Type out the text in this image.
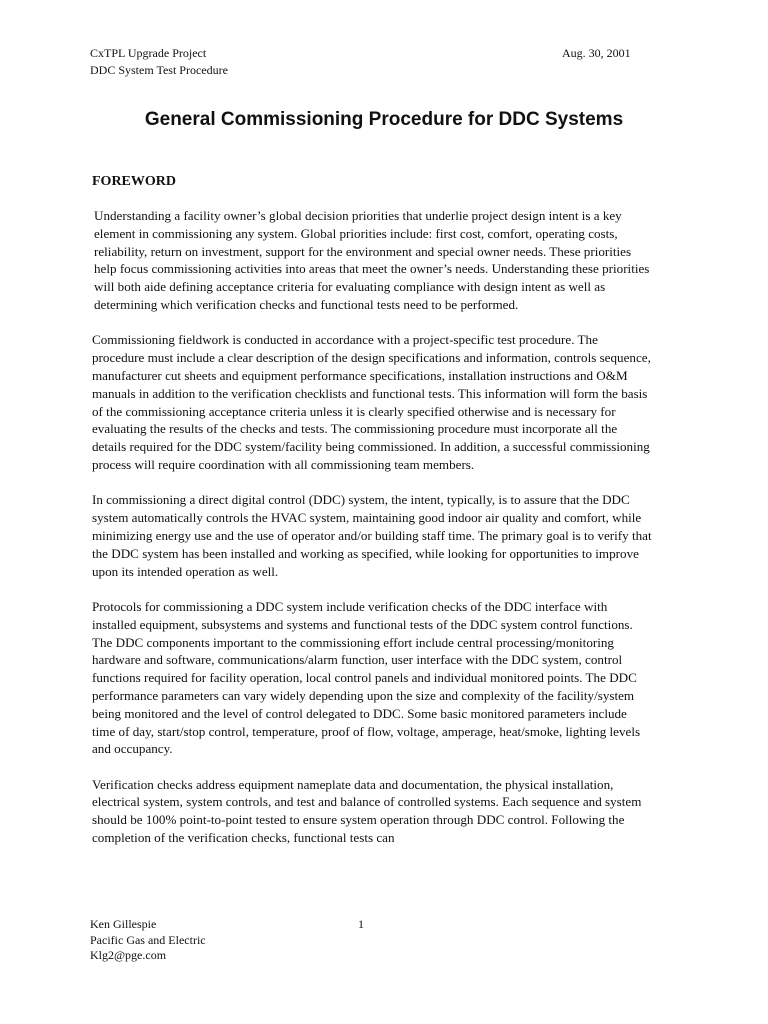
CxTPL Upgrade Project
DDC System Test Procedure
Aug. 30, 2001
General Commissioning Procedure for DDC Systems
FOREWORD

Understanding a facility owner’s global decision priorities that underlie project design intent is a key element in commissioning any system. Global priorities include: first cost, comfort, operating costs, reliability, return on investment, support for the environment and special owner needs. These priorities help focus commissioning activities into areas that meet the owner’s needs. Understanding these priorities will both aide defining acceptance criteria for evaluating compliance with design intent as well as determining which verification checks and functional tests need to be performed.

Commissioning fieldwork is conducted in accordance with a project-specific test procedure. The procedure must include a clear description of the design specifications and information, controls sequence, manufacturer cut sheets and equipment performance specifications, installation instructions and O&M manuals in addition to the verification checklists and functional tests. This information will form the basis of the commissioning acceptance criteria unless it is clearly specified otherwise and is necessary for evaluating the results of the checks and tests. The commissioning procedure must incorporate all the details required for the DDC system/facility being commissioned. In addition, a successful commissioning process will require coordination with all commissioning team members.

In commissioning a direct digital control (DDC) system, the intent, typically, is to assure that the DDC system automatically controls the HVAC system, maintaining good indoor air quality and comfort, while minimizing energy use and the use of operator and/or building staff time. The primary goal is to verify that the DDC system has been installed and working as specified, while looking for opportunities to improve upon its intended operation as well.

Protocols for commissioning a DDC system include verification checks of the DDC interface with installed equipment, subsystems and systems and functional tests of the DDC system control functions. The DDC components important to the commissioning effort include central processing/monitoring hardware and software, communications/alarm function, user interface with the DDC system, control functions required for facility operation, local control panels and individual monitored points. The DDC performance parameters can vary widely depending upon the size and complexity of the facility/system being monitored and the level of control delegated to DDC. Some basic monitored parameters include time of day, start/stop control, temperature, proof of flow, voltage, amperage, heat/smoke, lighting levels and occupancy.

Verification checks address equipment nameplate data and documentation, the physical installation, electrical system, system controls, and test and balance of controlled systems. Each sequence and system should be 100% point-to-point tested to ensure system operation through DDC control. Following the completion of the verification checks, functional tests can

Ken Gillespie
Pacific Gas and Electric
Klg2@pge.com
1
